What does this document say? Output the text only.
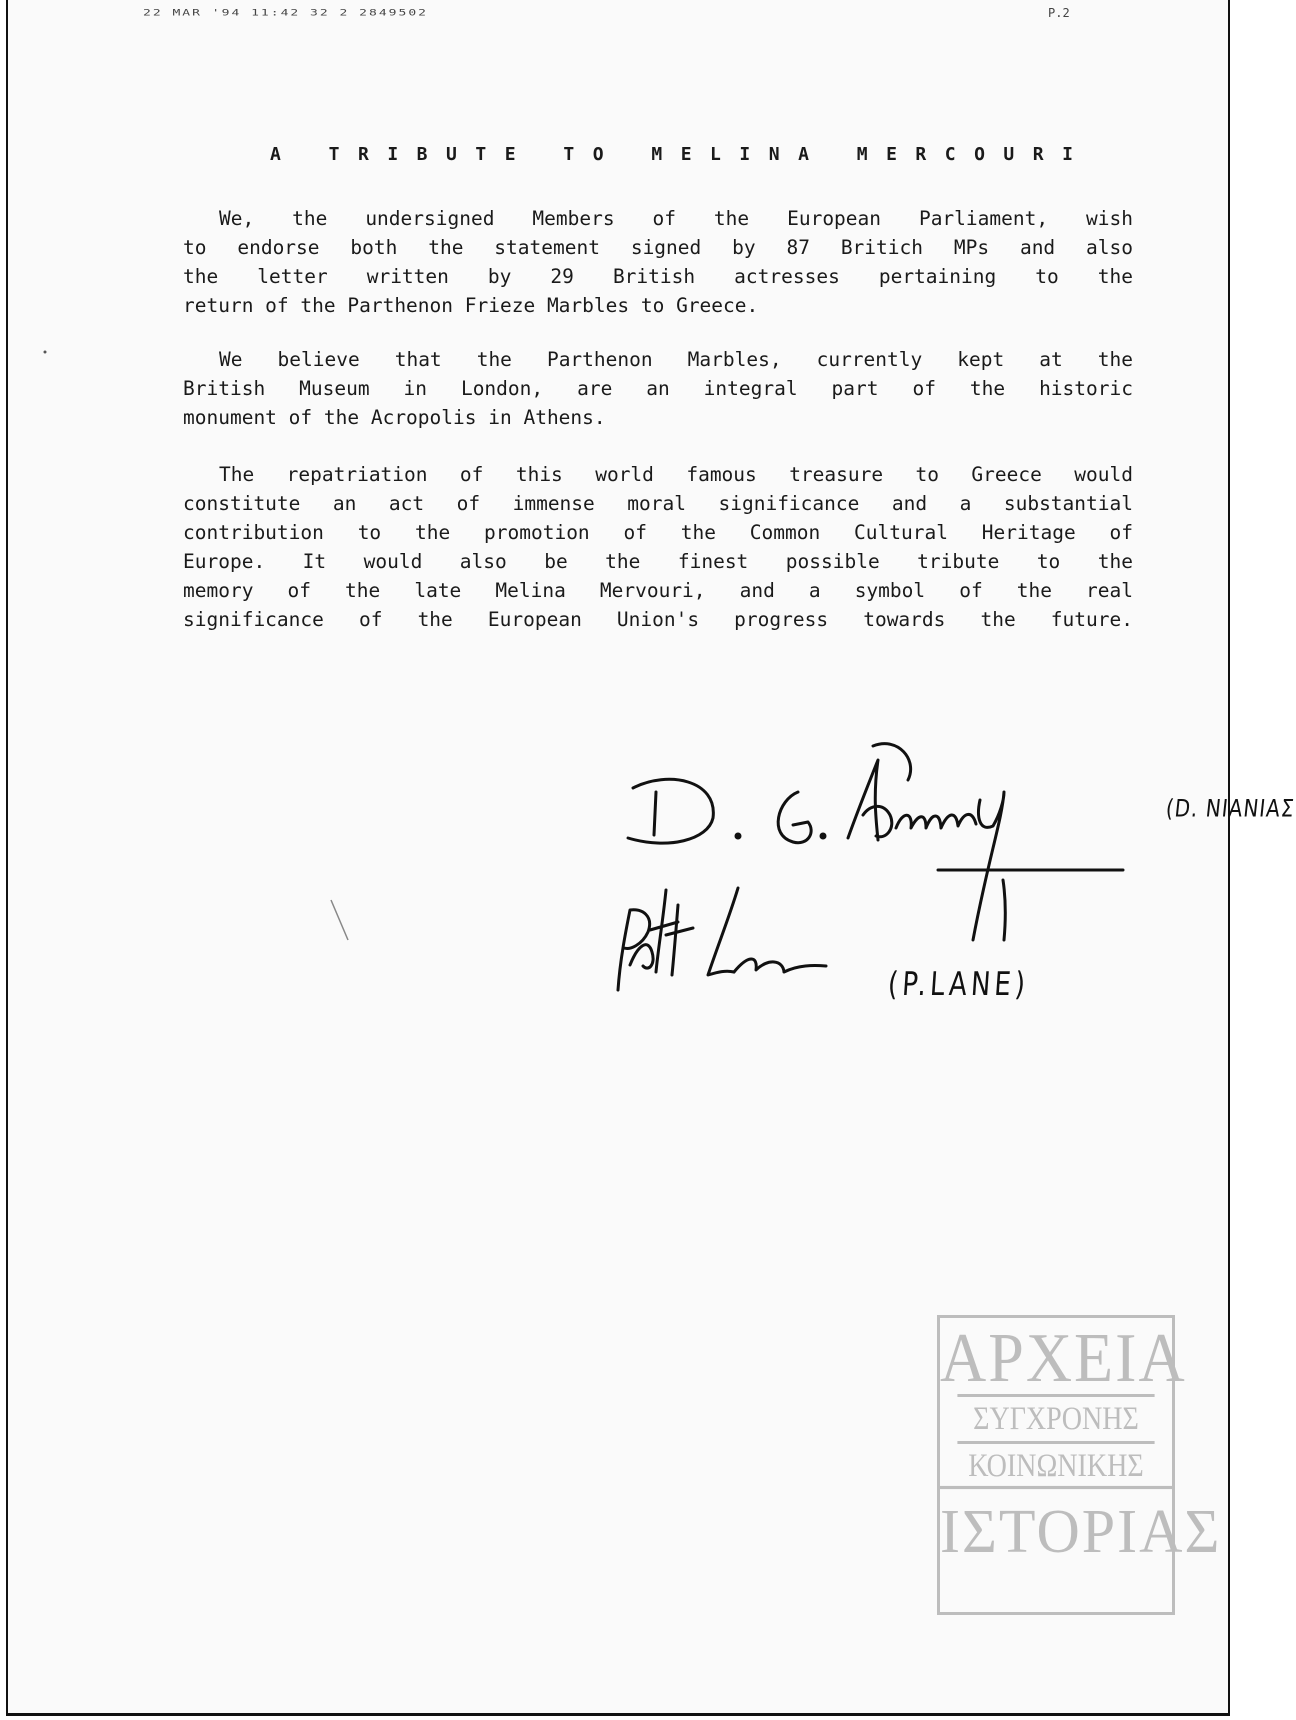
22 MAR '94 11:42 32 2 2849502	P.2
A TRIBUTE TO MELINA MERCOURI
We, the undersigned Members of the European Parliament, wish
to endorse both the statement signed by 87 Britich MPs and also
the letter written by 29 British actresses pertaining to the
return of the Parthenon Frieze Marbles to Greece.
We believe that the Parthenon Marbles, currently kept at the
British Museum in London, are an integral part of the historic
monument of the Acropolis in Athens.
The repatriation of this world famous treasure to Greece would
constitute an act of immense moral significance and a substantial
contribution to the promotion of the Common Cultural Heritage of
Europe. It would also be the finest possible tribute to the
memory of the late Melina Mervouri, and a symbol of the real
significance of the European Union's progress towards the future.
(D. NIANIAΣ
(P.LANE)
ΑΡΧΕΙΑ
ΣΥΓΧΡΟΝΗΣ
ΚΟΙΝΩΝΙΚΗΣ
ΙΣΤΟΡΙΑΣ
